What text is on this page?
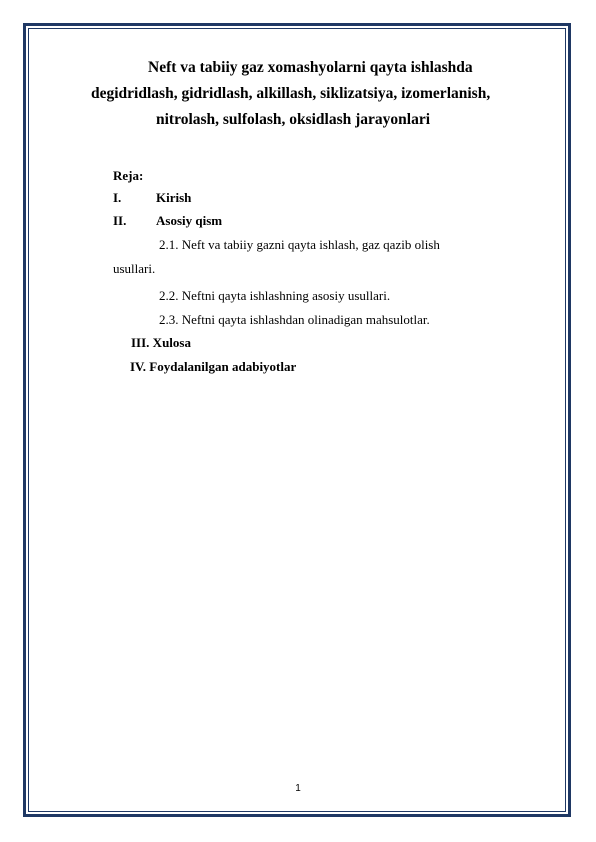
Neft va tabiiy gaz xomashyolarni qayta ishlashda
degidridlash, gidridlash, alkillash, siklizatsiya, izomerlanish,
nitrolash, sulfolash, oksidlash jarayonlari
Reja:
I.	Kirish
II. Asosiy qism
2.1. Neft va tabiiy gazni qayta ishlash, gaz qazib olish
usullari.
2.2. Neftni qayta ishlashning asosiy usullari.
2.3. Neftni qayta ishlashdan olinadigan mahsulotlar.
III. Xulosa
IV. Foydalanilgan adabiyotlar
1
